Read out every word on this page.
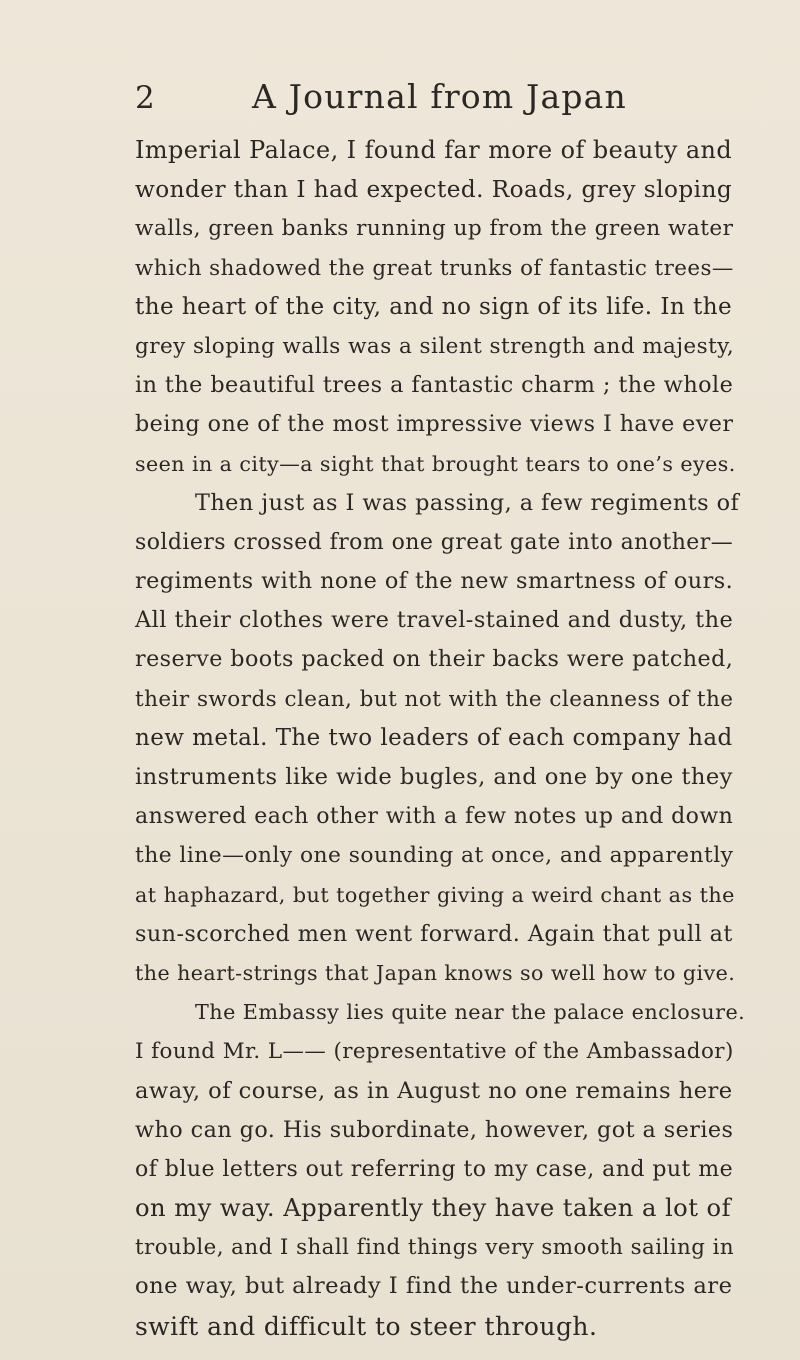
2	A Journal from Japan
Imperial Palace, I found far more of beauty and
wonder than I had expected. Roads, grey sloping
walls, green banks running up from the green water
which shadowed the great trunks of fantastic trees—
the heart of the city, and no sign of its life. In the
grey sloping walls was a silent strength and majesty,
in the beautiful trees a fantastic charm ; the whole
being one of the most impressive views I have ever
seen in a city—a sight that brought tears to one’s eyes.
Then just as I was passing, a few regiments of
soldiers crossed from one great gate into another—
regiments with none of the new smartness of ours.
All their clothes were travel-stained and dusty, the
reserve boots packed on their backs were patched,
their swords clean, but not with the cleanness of the
new metal. The two leaders of each company had
instruments like wide bugles, and one by one they
answered each other with a few notes up and down
the line—only one sounding at once, and apparently
at haphazard, but together giving a weird chant as the
sun-scorched men went forward. Again that pull at
the heart-strings that Japan knows so well how to give.
The Embassy lies quite near the palace enclosure.
I found Mr. L—— (representative of the Ambassador)
away, of course, as in August no one remains here
who can go. His subordinate, however, got a series
of blue letters out referring to my case, and put me
on my way. Apparently they have taken a lot of
trouble, and I shall find things very smooth sailing in
one way, but already I find the under-currents are
swift and difficult to steer through.
